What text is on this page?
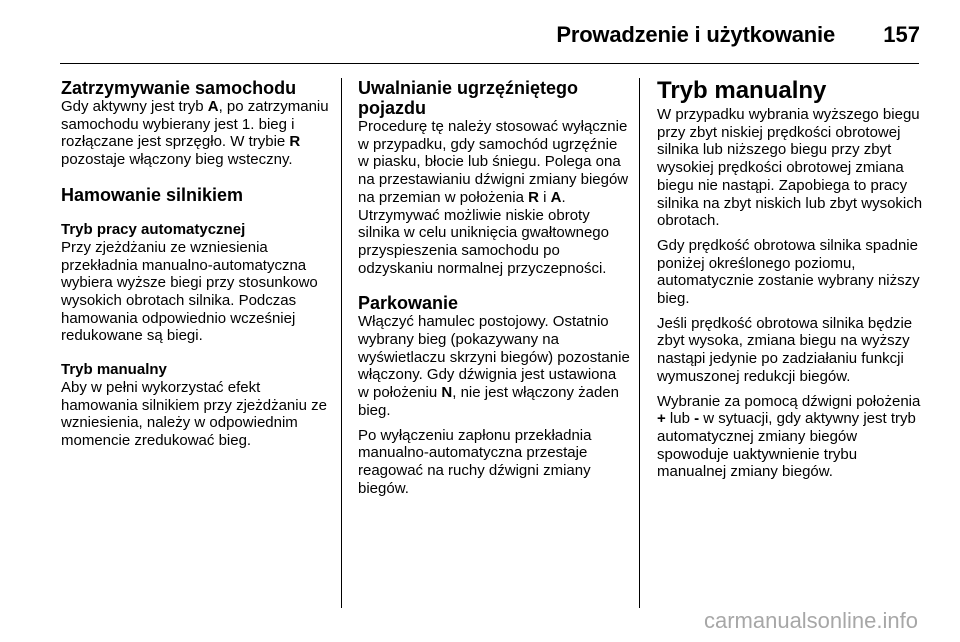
Prowadzenie i użytkowanie 157
Zatrzymywanie samochodu

Gdy aktywny jest tryb A, po zatrzymaniu samochodu wybierany jest 1. bieg i rozłączane jest sprzęgło. W trybie R pozostaje włączony bieg wsteczny.

Hamowanie silnikiem
Tryb pracy automatycznej

Przy zjeżdżaniu ze wzniesienia przekładnia manualno-automatyczna wybiera wyższe biegi przy stosunkowo wysokich obrotach silnika. Podczas hamowania odpowiednio wcześniej redukowane są biegi.

Tryb manualny

Aby w pełni wykorzystać efekt hamowania silnikiem przy zjeżdżaniu ze wzniesienia, należy w odpowiednim momencie zredukować bieg.

Uwalnianie ugrzęźniętego pojazdu

Procedurę tę należy stosować wyłącznie w przypadku, gdy samochód ugrzęźnie w piasku, błocie lub śniegu. Polega ona na przestawianiu dźwigni zmiany biegów na przemian w położenia R i A. Utrzymywać możliwie niskie obroty silnika w celu uniknięcia gwałtownego przyspieszenia samochodu po odzyskaniu normalnej przyczepności.

Parkowanie

Włączyć hamulec postojowy. Ostatnio wybrany bieg (pokazywany na wyświetlaczu skrzyni biegów) pozostanie włączony. Gdy dźwignia jest ustawiona w położeniu N, nie jest włączony żaden bieg.

Po wyłączeniu zapłonu przekładnia manualno-automatyczna przestaje reagować na ruchy dźwigni zmiany biegów.

Tryb manualny

W przypadku wybrania wyższego biegu przy zbyt niskiej prędkości obrotowej silnika lub niższego biegu przy zbyt wysokiej prędkości obrotowej zmiana biegu nie nastąpi. Zapobiega to pracy silnika na zbyt niskich lub zbyt wysokich obrotach.

Gdy prędkość obrotowa silnika spadnie poniżej określonego poziomu, automatycznie zostanie wybrany niższy bieg.

Jeśli prędkość obrotowa silnika będzie zbyt wysoka, zmiana biegu na wyższy nastąpi jedynie po zadziałaniu funkcji wymuszonej redukcji biegów.

Wybranie za pomocą dźwigni położenia + lub - w sytuacji, gdy aktywny jest tryb automatycznej zmiany biegów spowoduje uaktywnienie trybu manualnej zmiany biegów.

carmanualsonline.info
